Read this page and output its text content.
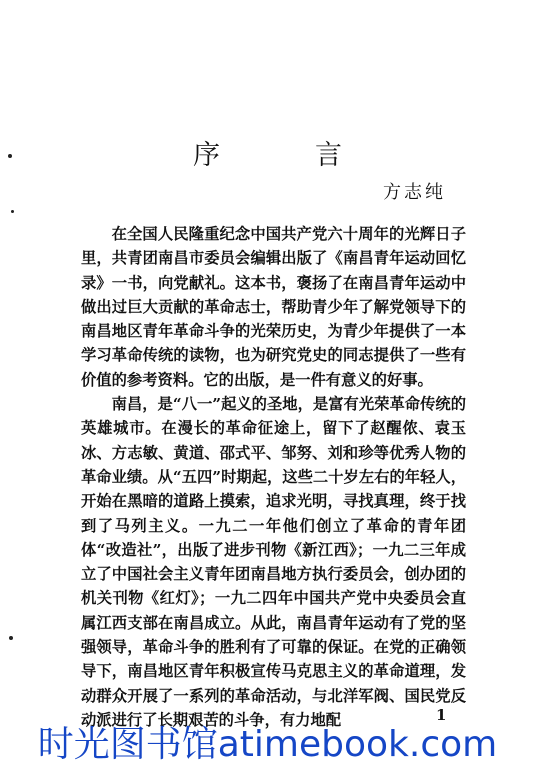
序　言
方志纯

在全国人民隆重纪念中国共产党六十周年的光辉日子里，共青团南昌市委员会编辑出版了《南昌青年运动回忆录》一书，向党献礼。这本书，褒扬了在南昌青年运动中做出过巨大贡献的革命志士，帮助青少年了解党领导下的南昌地区青年革命斗争的光荣历史，为青少年提供了一本学习革命传统的读物，也为研究党史的同志提供了一些有价值的参考资料。它的出版，是一件有意义的好事。

南昌，是“八一”起义的圣地，是富有光荣革命传统的英雄城市。在漫长的革命征途上，留下了赵醒侬、袁玉冰、方志敏、黄道、邵式平、邹努、刘和珍等优秀人物的革命业绩。从“五四”时期起，这些二十岁左右的年轻人，开始在黑暗的道路上摸索，追求光明，寻找真理，终于找到了马列主义。一九二一年他们创立了革命的青年团体“改造社”，出版了进步刊物《新江西》；一九二三年成立了中国社会主义青年团南昌地方执行委员会，创办团的机关刊物《红灯》；一九二四年中国共产党中央委员会直属江西支部在南昌成立。从此，南昌青年运动有了党的坚强领导，革命斗争的胜利有了可靠的保证。在党的正确领导下，南昌地区青年积极宣传马克思主义的革命道理，发动群众开展了一系列的革命活动，与北洋军阀、国民党反动派进行了长期艰苦的斗争，有力地配	1
时光图书馆atimebook.com
